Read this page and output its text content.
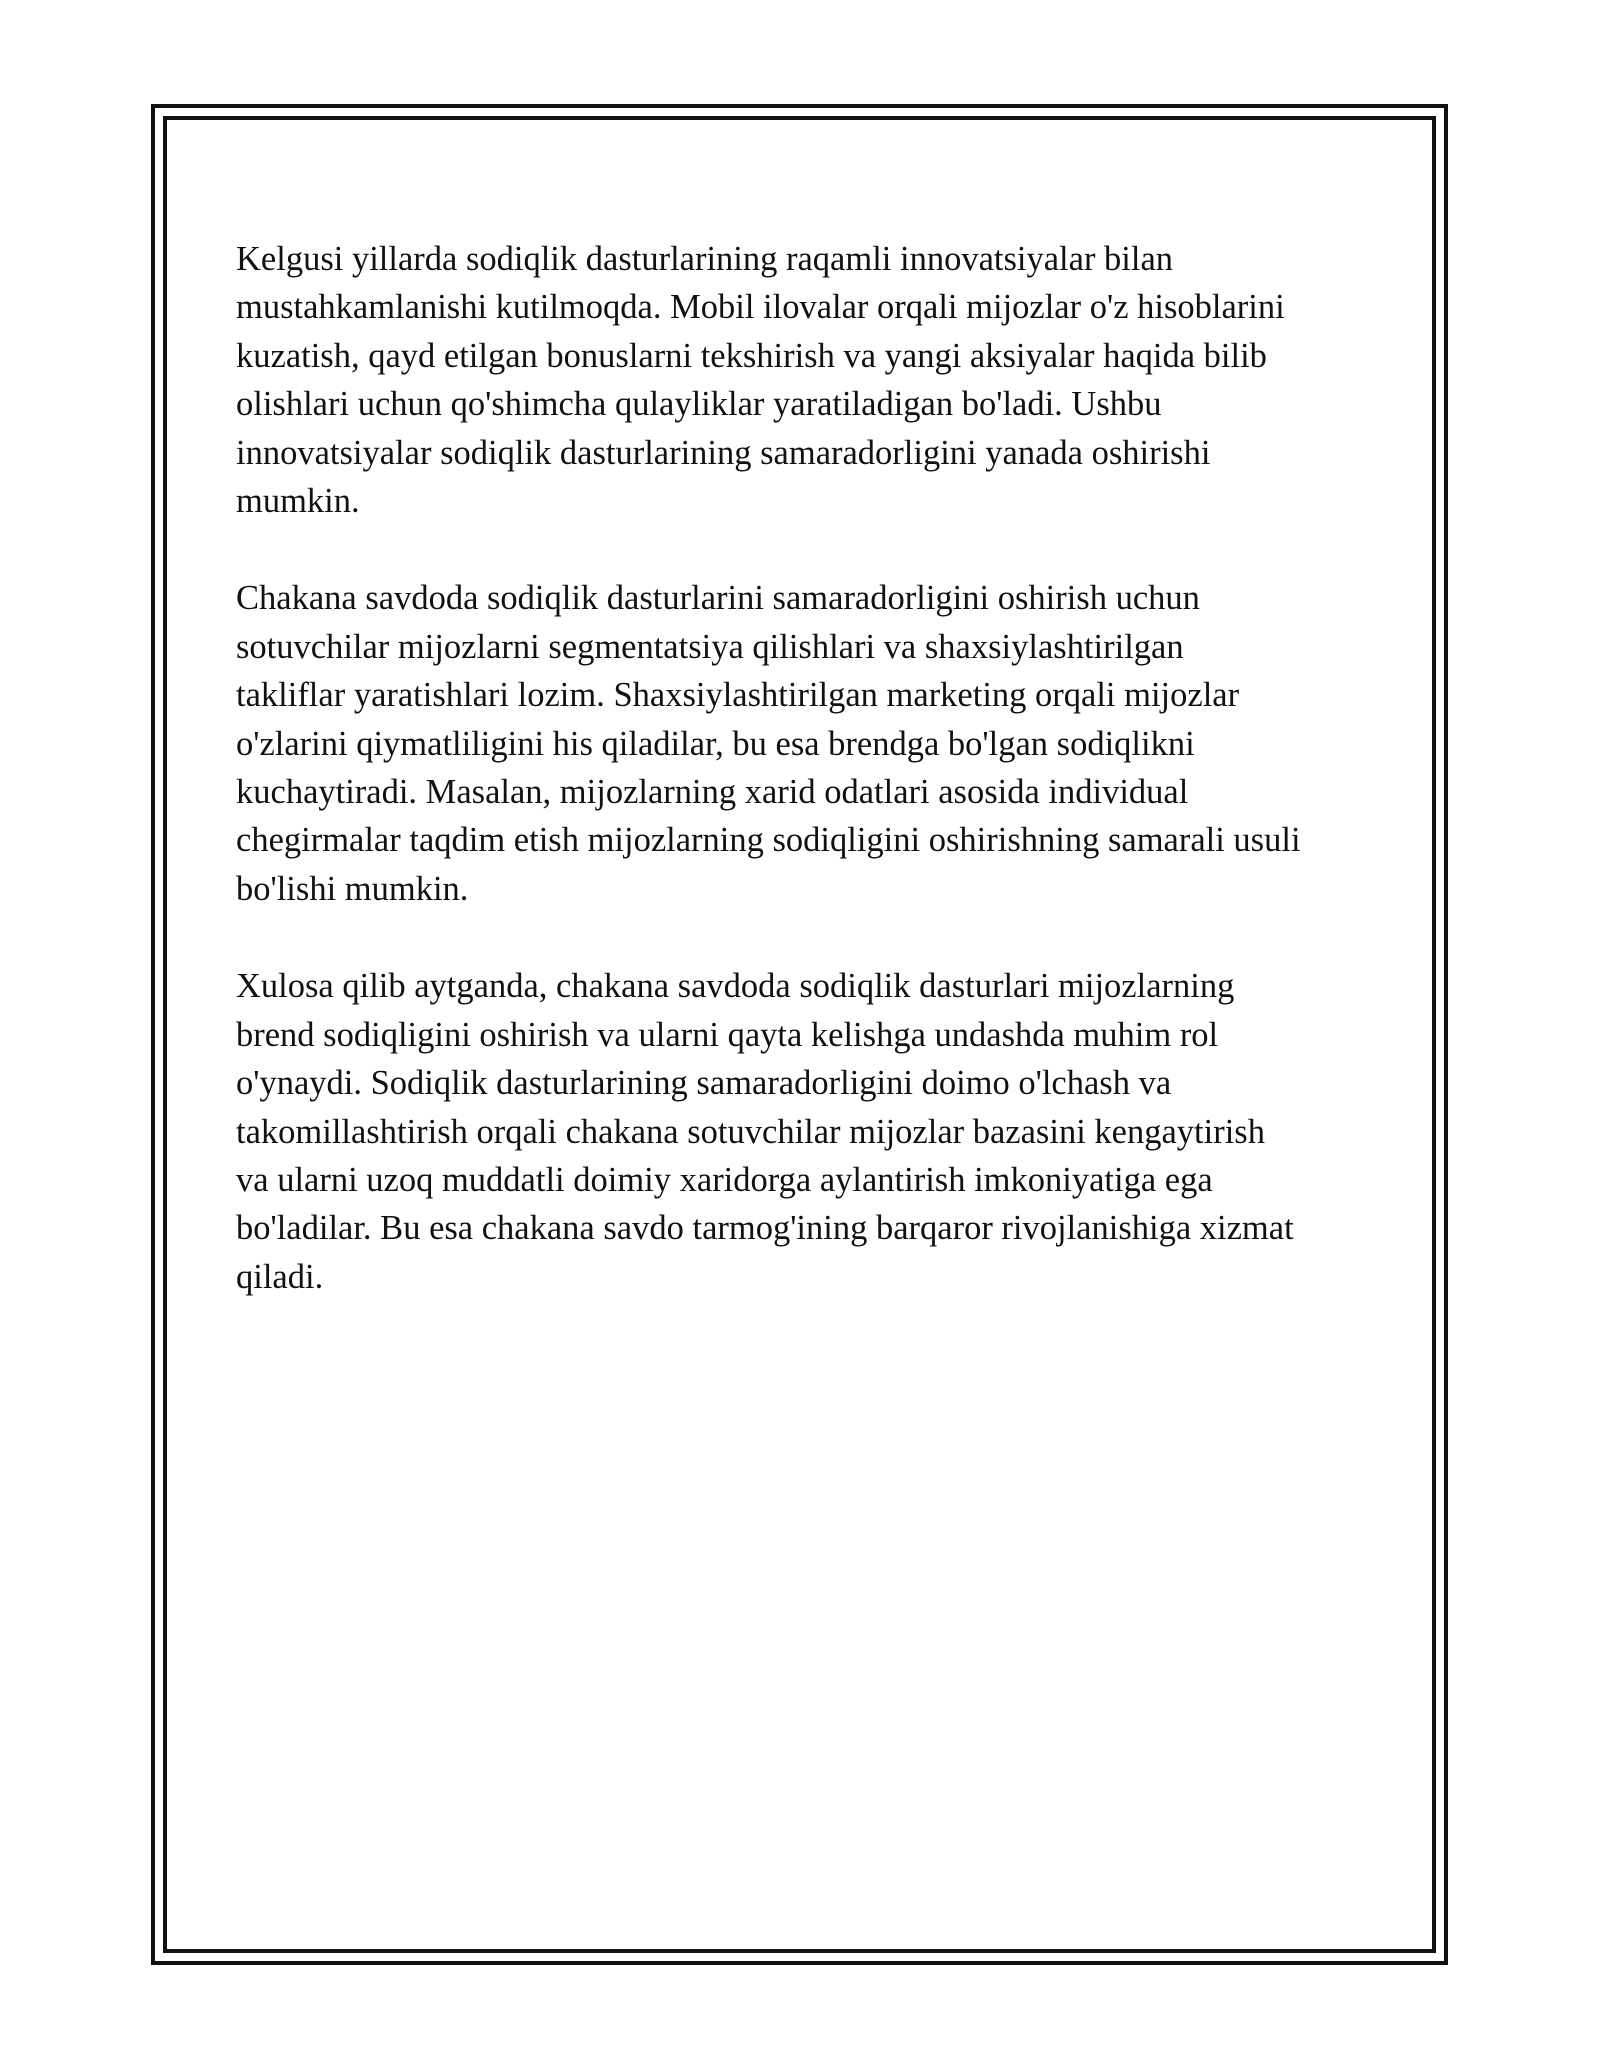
Kelgusi yillarda sodiqlik dasturlarining raqamli innovatsiyalar bilan
mustahkamlanishi kutilmoqda. Mobil ilovalar orqali mijozlar o'z hisoblarini
kuzatish, qayd etilgan bonuslarni tekshirish va yangi aksiyalar haqida bilib
olishlari uchun qo'shimcha qulayliklar yaratiladigan bo'ladi. Ushbu
innovatsiyalar sodiqlik dasturlarining samaradorligini yanada oshirishi
mumkin.

Chakana savdoda sodiqlik dasturlarini samaradorligini oshirish uchun
sotuvchilar mijozlarni segmentatsiya qilishlari va shaxsiylashtirilgan
takliflar yaratishlari lozim. Shaxsiylashtirilgan marketing orqali mijozlar
o'zlarini qiymatliligini his qiladilar, bu esa brendga bo'lgan sodiqlikni
kuchaytiradi. Masalan, mijozlarning xarid odatlari asosida individual
chegirmalar taqdim etish mijozlarning sodiqligini oshirishning samarali usuli
bo'lishi mumkin.

Xulosa qilib aytganda, chakana savdoda sodiqlik dasturlari mijozlarning
brend sodiqligini oshirish va ularni qayta kelishga undashda muhim rol
o'ynaydi. Sodiqlik dasturlarining samaradorligini doimo o'lchash va
takomillashtirish orqali chakana sotuvchilar mijozlar bazasini kengaytirish
va ularni uzoq muddatli doimiy xaridorga aylantirish imkoniyatiga ega
bo'ladilar. Bu esa chakana savdo tarmog'ining barqaror rivojlanishiga xizmat
qiladi.
